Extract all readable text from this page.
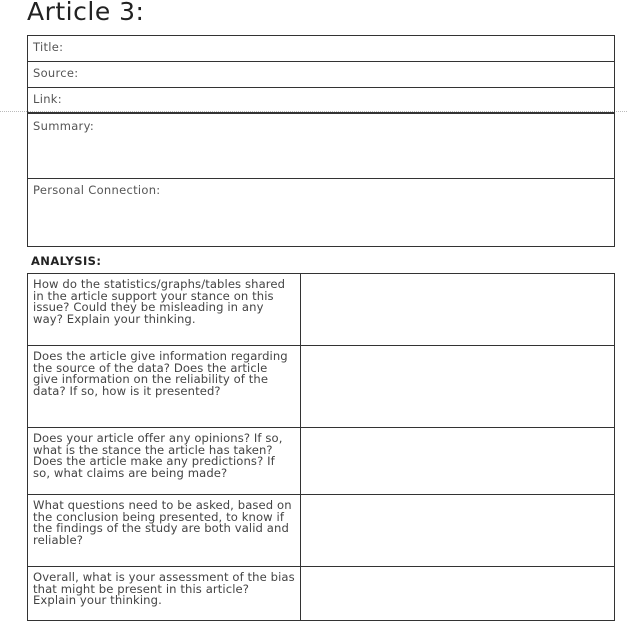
Article 3:
Title:
Source:
Link:
Summary:
Personal Connection:
ANALYSIS:
How do the statistics/graphs/tables shared in the article support your stance on this issue? Could they be misleading in any way? Explain your thinking.
Does the article give information regarding the source of the data? Does the article give information on the reliability of the data? If so, how is it presented?
Does your article offer any opinions? If so, what is the stance the article has taken? Does the article make any predictions? If so, what claims are being made?
What questions need to be asked, based on the conclusion being presented, to know if the findings of the study are both valid and reliable?
Overall, what is your assessment of the bias that might be present in this article? Explain your thinking.
